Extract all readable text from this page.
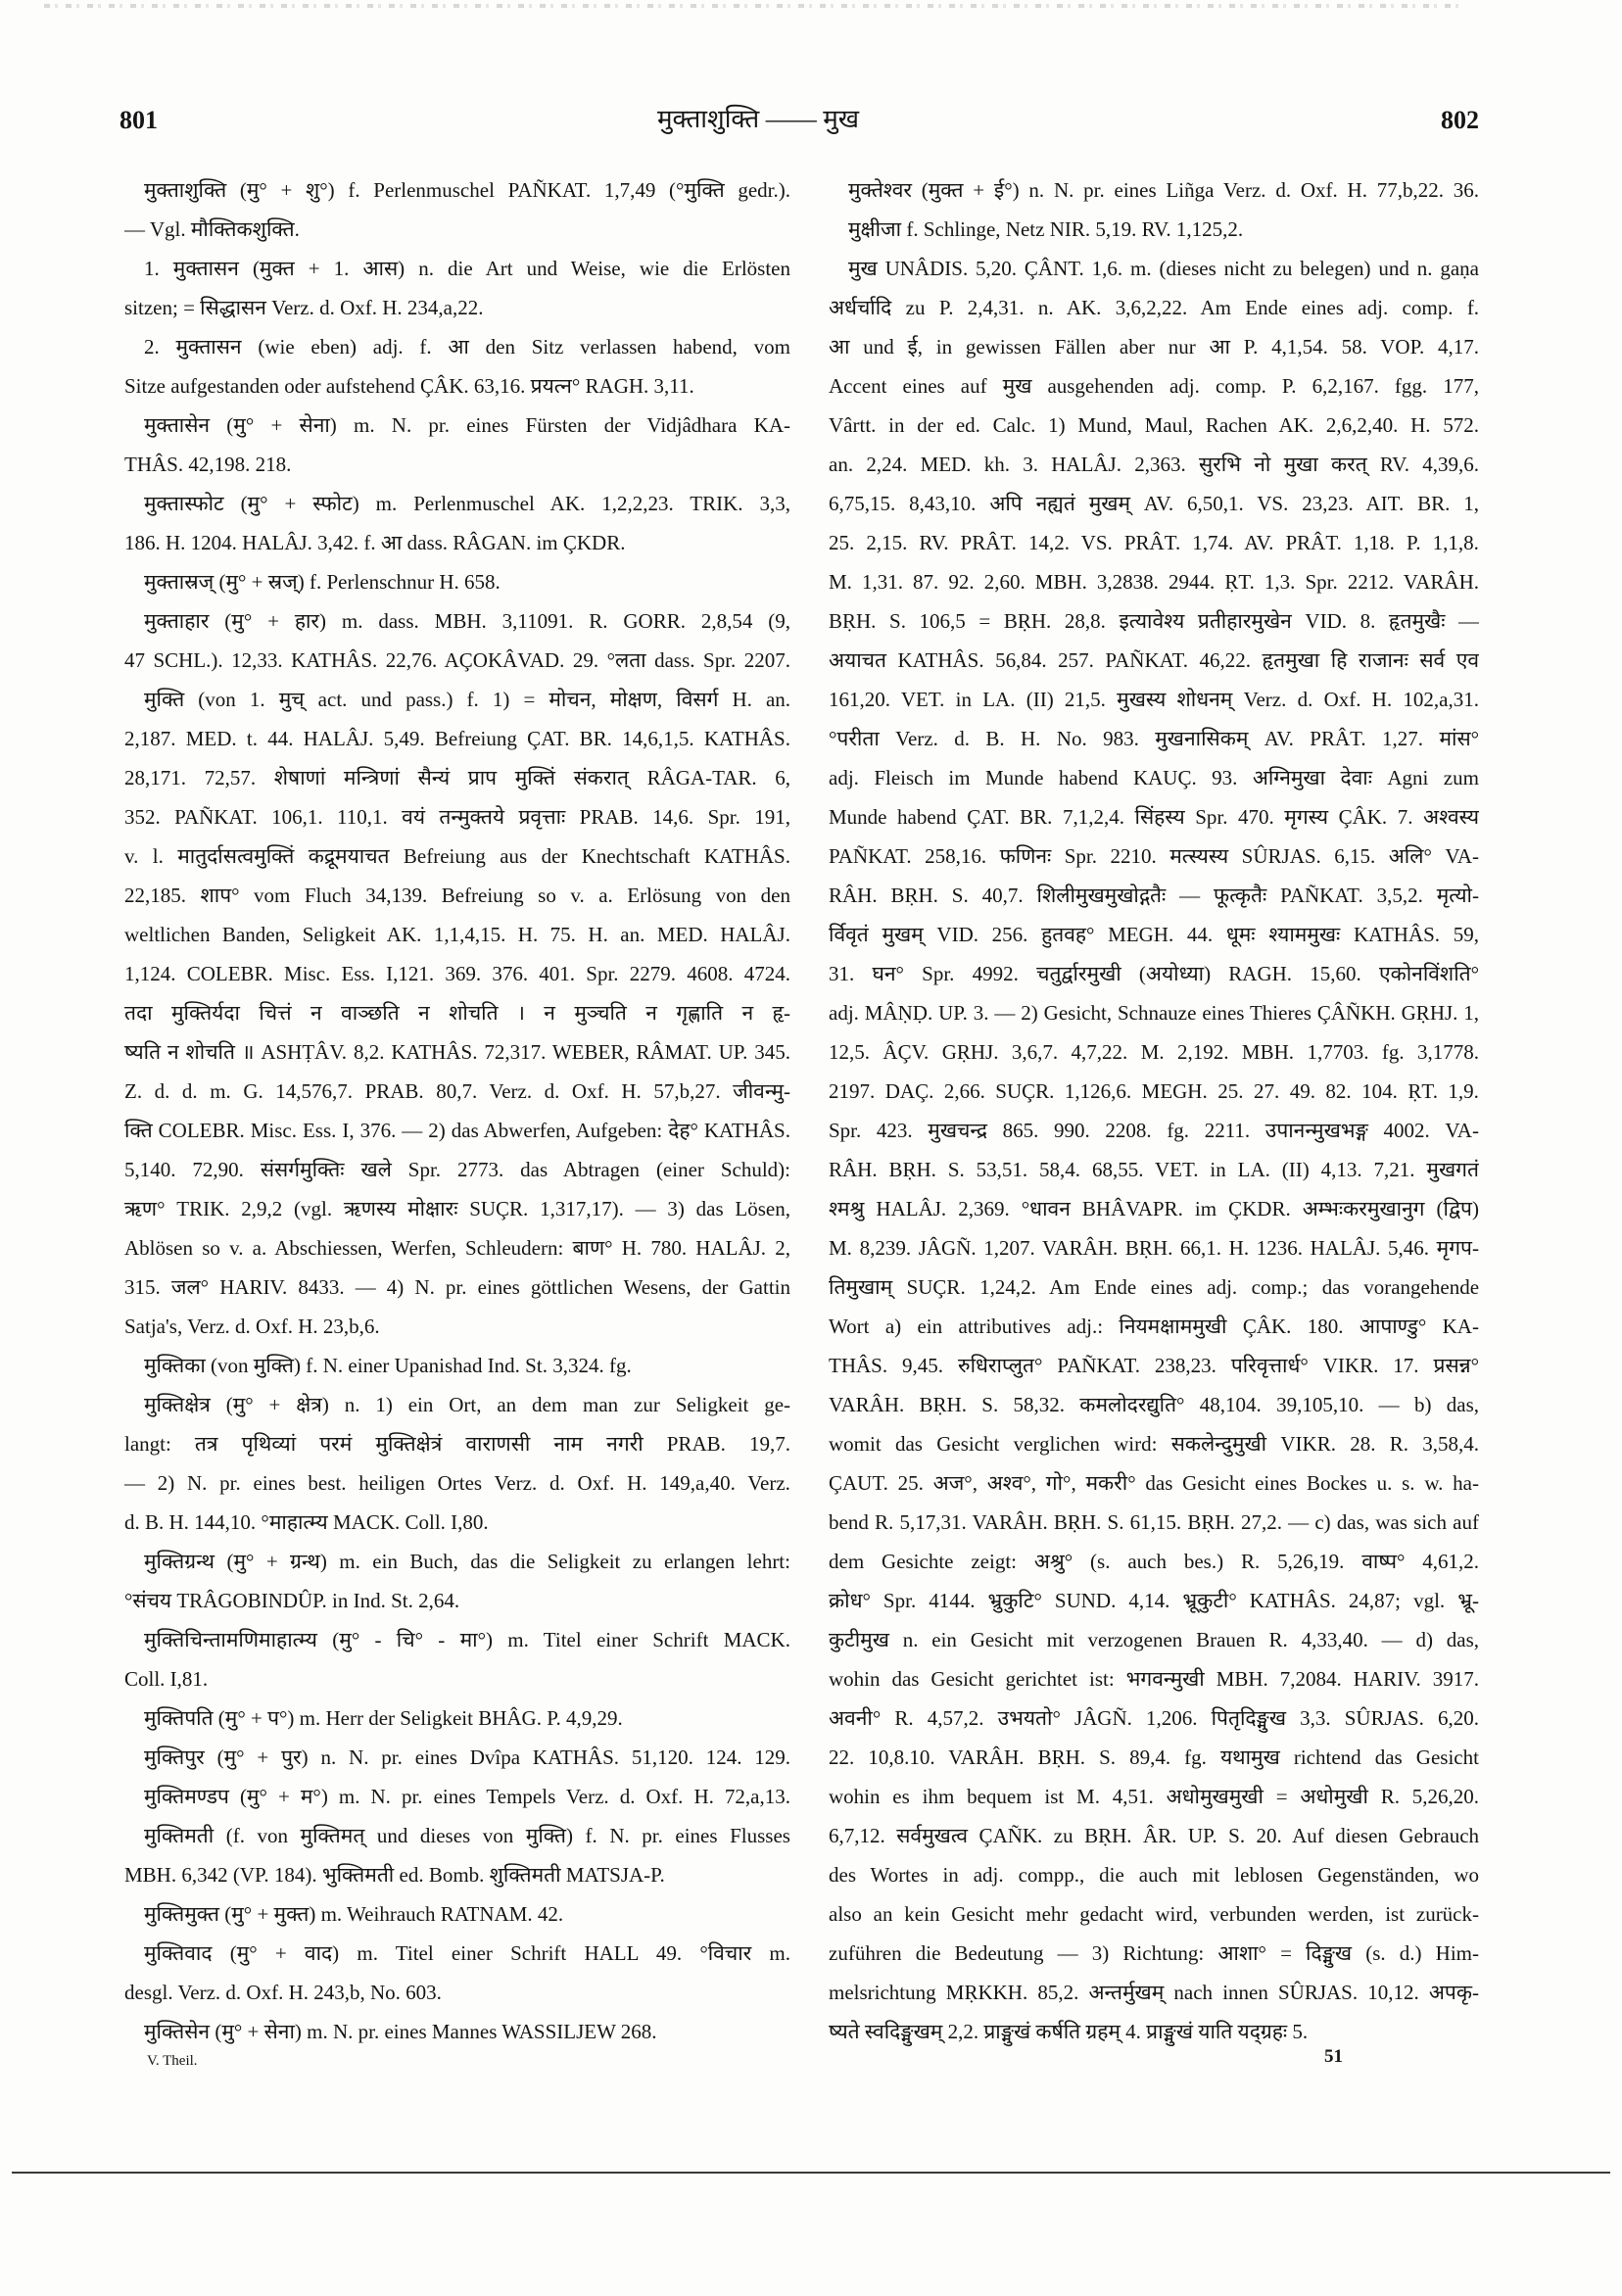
801	मुक्ताशुक्ति —— मुख	802
मुक्ताशुक्ति (मु° + शु°) f. Perlenmuschel PAÑKAT. 1,7,49 (°मुक्ति gedr.).
— Vgl. मौक्तिकशुक्ति.
1. मुक्तासन (मुक्त + 1. आस) n. die Art und Weise, wie die Erlösten
sitzen; = सिद्धासन Verz. d. Oxf. H. 234,a,22.
2. मुक्तासन (wie eben) adj. f. आ den Sitz verlassen habend, vom
Sitze aufgestanden oder aufstehend ÇÂK. 63,16. प्रयत्न° RAGH. 3,11.
मुक्तासेन (मु° + सेना) m. N. pr. eines Fürsten der Vidjâdhara KA-
THÂS. 42,198. 218.
मुक्तास्फोट (मु° + स्फोट) m. Perlenmuschel AK. 1,2,2,23. TRIK. 3,3,
186. H. 1204. HALÂJ. 3,42. f. आ dass. RÂGAN. im ÇKDR.
मुक्तास्रज् (मु° + स्रज्) f. Perlenschnur H. 658.
मुक्ताहार (मु° + हार) m. dass. MBH. 3,11091. R. GORR. 2,8,54 (9,
47 SCHL.). 12,33. KATHÂS. 22,76. AÇOKÂVAD. 29. °लता dass. Spr. 2207.
मुक्ति (von 1. मुच् act. und pass.) f. 1) = मोचन, मोक्षण, विसर्ग H. an.
2,187. MED. t. 44. HALÂJ. 5,49. Befreiung ÇAT. BR. 14,6,1,5. KATHÂS.
28,171. 72,57. शेषाणां मन्त्रिणां सैन्यं प्राप मुक्तिं संकरात् RÂGA-TAR. 6,
352. PAÑKAT. 106,1. 110,1. वयं तन्मुक्तये प्रवृत्ताः PRAB. 14,6. Spr. 191,
v. l. मातुर्दासत्वमुक्तिं कद्रूमयाचत Befreiung aus der Knechtschaft KATHÂS.
22,185. शाप° vom Fluch 34,139. Befreiung so v. a. Erlösung von den
weltlichen Banden, Seligkeit AK. 1,1,4,15. H. 75. H. an. MED. HALÂJ.
1,124. COLEBR. Misc. Ess. I,121. 369. 376. 401. Spr. 2279. 4608. 4724.
तदा मुक्तिर्यदा चित्तं न वाञ्छति न शोचति । न मुञ्चति न गृह्णाति न हृ-
ष्यति न शोचति ॥ ASHṬÂV. 8,2. KATHÂS. 72,317. WEBER, RÂMAT. UP. 345.
Z. d. d. m. G. 14,576,7. PRAB. 80,7. Verz. d. Oxf. H. 57,b,27. जीवन्मु-
क्ति COLEBR. Misc. Ess. I, 376. — 2) das Abwerfen, Aufgeben: देह° KATHÂS.
5,140. 72,90. संसर्गमुक्तिः खले Spr. 2773. das Abtragen (einer Schuld):
ऋण° TRIK. 2,9,2 (vgl. ऋणस्य मोक्षारः SUÇR. 1,317,17). — 3) das Lösen,
Ablösen so v. a. Abschiessen, Werfen, Schleudern: बाण° H. 780. HALÂJ. 2,
315. जल° HARIV. 8433. — 4) N. pr. eines göttlichen Wesens, der Gattin
Satja's, Verz. d. Oxf. H. 23,b,6.
मुक्तिका (von मुक्ति) f. N. einer Upanishad Ind. St. 3,324. fg.
मुक्तिक्षेत्र (मु° + क्षेत्र) n. 1) ein Ort, an dem man zur Seligkeit ge-
langt: तत्र पृथिव्यां परमं मुक्तिक्षेत्रं वाराणसी नाम नगरी PRAB. 19,7.
— 2) N. pr. eines best. heiligen Ortes Verz. d. Oxf. H. 149,a,40. Verz.
d. B. H. 144,10. °माहात्म्य MACK. Coll. I,80.
मुक्तिग्रन्थ (मु° + ग्रन्थ) m. ein Buch, das die Seligkeit zu erlangen lehrt:
°संचय TRÂGOBINDÛP. in Ind. St. 2,64.
मुक्तिचिन्तामणिमाहात्म्य (मु° - चि° - मा°) m. Titel einer Schrift MACK.
Coll. I,81.
मुक्तिपति (मु° + प°) m. Herr der Seligkeit BHÂG. P. 4,9,29.
मुक्तिपुर (मु° + पुर) n. N. pr. eines Dvîpa KATHÂS. 51,120. 124. 129.
मुक्तिमण्डप (मु° + म°) m. N. pr. eines Tempels Verz. d. Oxf. H. 72,a,13.
मुक्तिमती (f. von मुक्तिमत् und dieses von मुक्ति) f. N. pr. eines Flusses
MBH. 6,342 (VP. 184). भुक्तिमती ed. Bomb. शुक्तिमती MATSJA-P.
मुक्तिमुक्त (मु° + मुक्त) m. Weihrauch RATNAM. 42.
मुक्तिवाद (मु° + वाद) m. Titel einer Schrift HALL 49. °विचार m.
desgl. Verz. d. Oxf. H. 243,b, No. 603.
मुक्तिसेन (मु° + सेना) m. N. pr. eines Mannes WASSILJEW 268.
मुक्तेश्वर (मुक्त + ई°) n. N. pr. eines Liñga Verz. d. Oxf. H. 77,b,22. 36.
मुक्षीजा f. Schlinge, Netz NIR. 5,19. RV. 1,125,2.
मुख UNÂDIS. 5,20. ÇÂNT. 1,6. m. (dieses nicht zu belegen) und n. gaṇa
अर्धर्चादि zu P. 2,4,31. n. AK. 3,6,2,22. Am Ende eines adj. comp. f.
आ und ई, in gewissen Fällen aber nur आ P. 4,1,54. 58. VOP. 4,17.
Accent eines auf मुख ausgehenden adj. comp. P. 6,2,167. fgg. 177,
Vârtt. in der ed. Calc. 1) Mund, Maul, Rachen AK. 2,6,2,40. H. 572.
an. 2,24. MED. kh. 3. HALÂJ. 2,363. सुरभि नो मुखा करत् RV. 4,39,6.
6,75,15. 8,43,10. अपि नह्यतं मुखम् AV. 6,50,1. VS. 23,23. AIT. BR. 1,
25. 2,15. RV. PRÂT. 14,2. VS. PRÂT. 1,74. AV. PRÂT. 1,18. P. 1,1,8.
M. 1,31. 87. 92. 2,60. MBH. 3,2838. 2944. ṚT. 1,3. Spr. 2212. VARÂH.
BṚH. S. 106,5 = BṚH. 28,8. इत्यावेश्य प्रतीहारमुखेन VID. 8. हृतमुखैः —
अयाचत KATHÂS. 56,84. 257. PAÑKAT. 46,22. हृतमुखा हि राजानः सर्व एव
161,20. VET. in LA. (II) 21,5. मुखस्य शोधनम् Verz. d. Oxf. H. 102,a,31.
°परीता Verz. d. B. H. No. 983. मुखनासिकम् AV. PRÂT. 1,27. मांस°
adj. Fleisch im Munde habend KAUÇ. 93. अग्निमुखा देवाः Agni zum
Munde habend ÇAT. BR. 7,1,2,4. सिंहस्य Spr. 470. मृगस्य ÇÂK. 7. अश्वस्य
PAÑKAT. 258,16. फणिनः Spr. 2210. मत्स्यस्य SÛRJAS. 6,15. अलि° VA-
RÂH. BṚH. S. 40,7. शिलीमुखमुखोद्गतैः — फूत्कृतैः PAÑKAT. 3,5,2. मृत्यो-
र्विवृतं मुखम् VID. 256. हुतवह° MEGH. 44. धूमः श्याममुखः KATHÂS. 59,
31. घन° Spr. 4992. चतुर्द्वारमुखी (अयोध्या) RAGH. 15,60. एकोनविंशति°
adj. MÂṆḌ. UP. 3. — 2) Gesicht, Schnauze eines Thieres ÇÂÑKH. GṚHJ. 1,
12,5. ÂÇV. GṚHJ. 3,6,7. 4,7,22. M. 2,192. MBH. 1,7703. fg. 3,1778.
2197. DAÇ. 2,66. SUÇR. 1,126,6. MEGH. 25. 27. 49. 82. 104. ṚT. 1,9.
Spr. 423. मुखचन्द्र 865. 990. 2208. fg. 2211. उपानन्मुखभङ्ग 4002. VA-
RÂH. BṚH. S. 53,51. 58,4. 68,55. VET. in LA. (II) 4,13. 7,21. मुखगतं
श्मश्रु HALÂJ. 2,369. °धावन BHÂVAPR. im ÇKDR. अम्भःकरमुखानुग (द्विप)
M. 8,239. JÂGÑ. 1,207. VARÂH. BṚH. 66,1. H. 1236. HALÂJ. 5,46. मृगप-
तिमुखाम् SUÇR. 1,24,2. Am Ende eines adj. comp.; das vorangehende
Wort a) ein attributives adj.: नियमक्षाममुखी ÇÂK. 180. आपाण्डु° KA-
THÂS. 9,45. रुधिराप्लुत° PAÑKAT. 238,23. परिवृत्तार्ध° VIKR. 17. प्रसन्न°
VARÂH. BṚH. S. 58,32. कमलोदरद्युति° 48,104. 39,105,10. — b) das,
womit das Gesicht verglichen wird: सकलेन्दुमुखी VIKR. 28. R. 3,58,4.
ÇAUT. 25. अज°, अश्व°, गो°, मकरी° das Gesicht eines Bockes u. s. w. ha-
bend R. 5,17,31. VARÂH. BṚH. S. 61,15. BṚH. 27,2. — c) das, was sich auf
dem Gesichte zeigt: अश्रु° (s. auch bes.) R. 5,26,19. वाष्प° 4,61,2.
क्रोध° Spr. 4144. भ्रुकुटि° SUND. 4,14. भ्रूकुटी° KATHÂS. 24,87; vgl. भ्रू-
कुटीमुख n. ein Gesicht mit verzogenen Brauen R. 4,33,40. — d) das,
wohin das Gesicht gerichtet ist: भगवन्मुखी MBH. 7,2084. HARIV. 3917.
अवनी° R. 4,57,2. उभयतो° JÂGÑ. 1,206. पितृदिङ्मुख 3,3. SÛRJAS. 6,20.
22. 10,8.10. VARÂH. BṚH. S. 89,4. fg. यथामुख richtend das Gesicht
wohin es ihm bequem ist M. 4,51. अधोमुखमुखी = अधोमुखी R. 5,26,20.
6,7,12. सर्वमुखत्व ÇAÑK. zu BṚH. ÂR. UP. S. 20. Auf diesen Gebrauch
des Wortes in adj. compp., die auch mit leblosen Gegenständen, wo
also an kein Gesicht mehr gedacht wird, verbunden werden, ist zurück-
zuführen die Bedeutung — 3) Richtung: आशा° = दिङ्मुख (s. d.) Him-
melsrichtung MṚKKH. 85,2. अन्तर्मुखम् nach innen SÛRJAS. 10,12. अपकृ-
ष्यते स्वदिङ्मुखम् 2,2. प्राङ्मुखं कर्षति ग्रहम् 4. प्राङ्मुखं याति यद्ग्रहः 5.
V. Theil.	51
